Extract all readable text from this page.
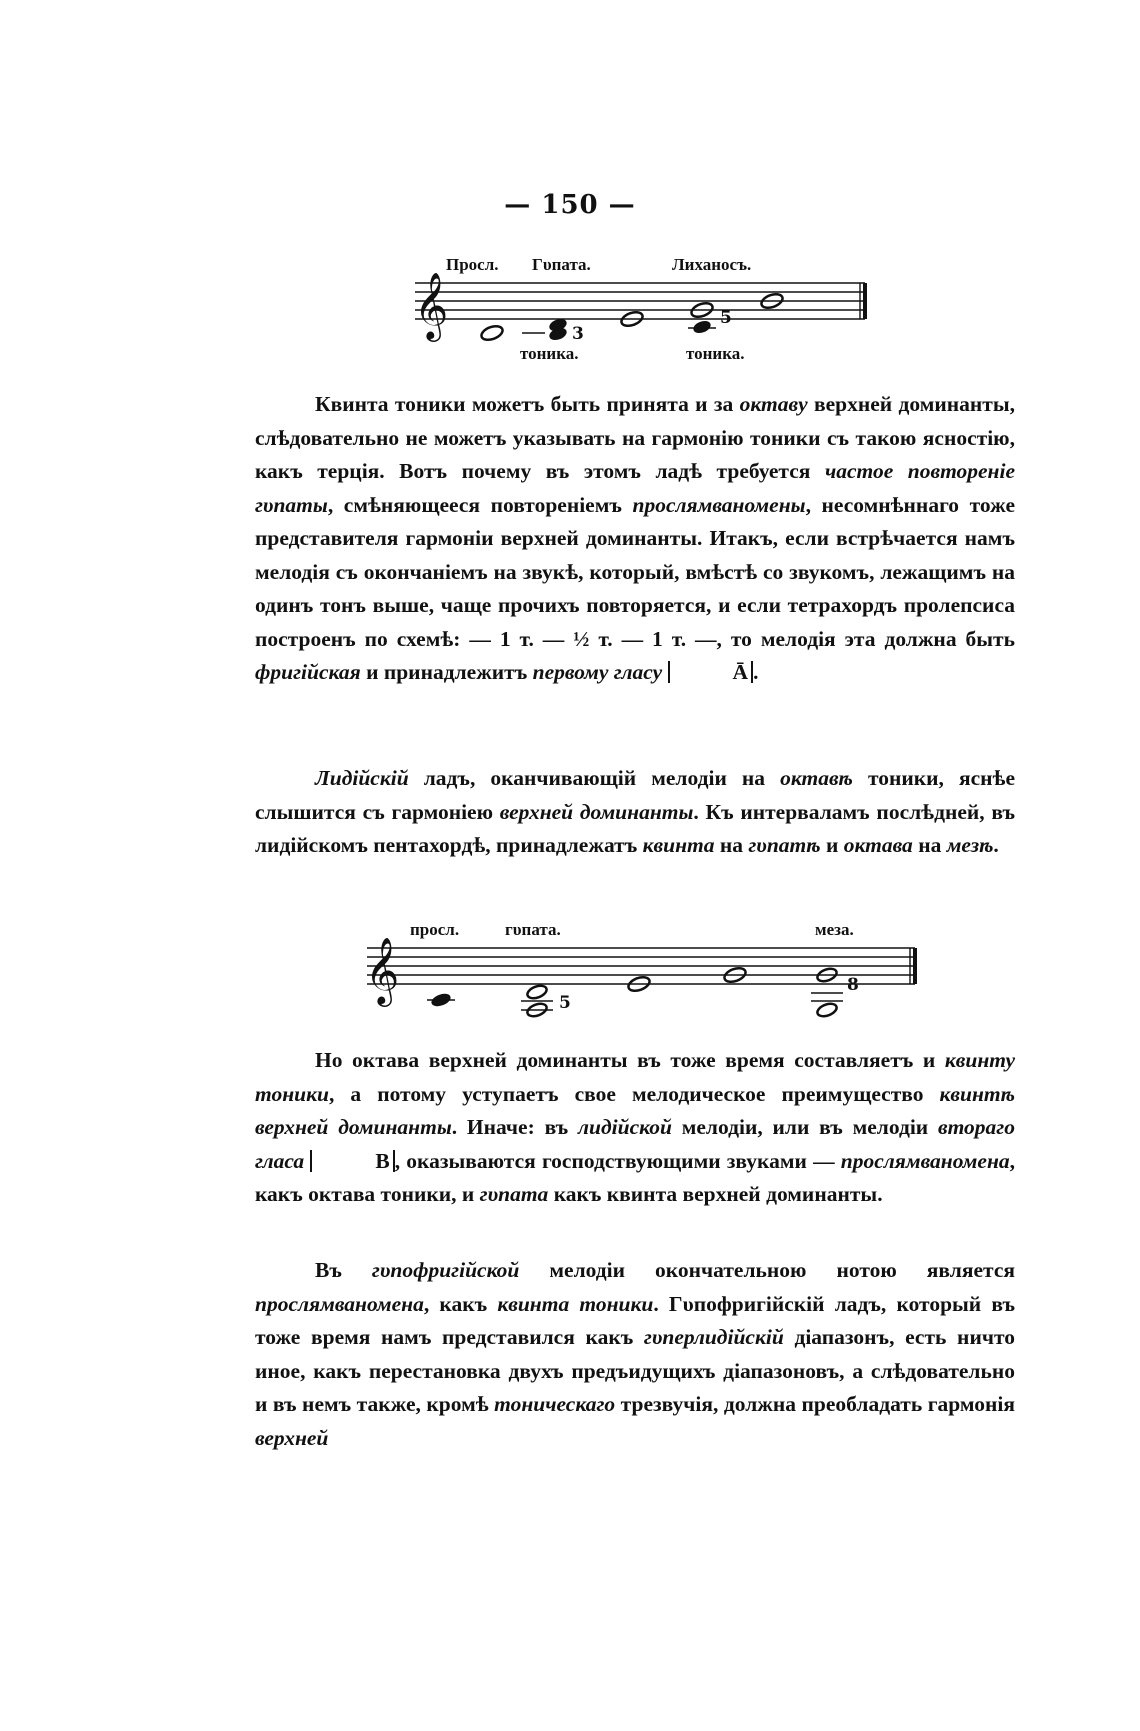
— 150 —
Просл. Гυпата.	Лиханосъ.
𝄞	3
5
тоника.	тоника.

Квинта тоники можетъ быть принята и за октаву верхней доминанты, слѣдовательно не можетъ указывать на гармонію тоники съ такою ясностію, какъ терція. Вотъ почему въ этомъ ладѣ требуется частое повтореніе гυпаты, смѣняющееся повтореніемъ прослямваномены, несомнѣннаго тоже представителя гармоніи верхней доминанты. Итакъ, если встрѣчается намъ мелодія съ окончаніемъ на звукѣ, который, вмѣстѣ со звукомъ, лежащимъ на одинъ тонъ выше, чаще прочихъ повторяется, и если тетрахордъ пролепсиса построенъ по схемѣ: — 1 т. — ½ т. — 1 т. —, то мелодія эта должна быть фригійская и принадлежитъ первому гласу	Ā .

Лидійскій ладъ, оканчивающій мелодіи на октавѣ тоники, яснѣе слышится съ гармоніею верхней доминанты. Къ интерваламъ послѣдней, въ лидійскомъ пентахордѣ, принадлежатъ квинта на гυпатѣ и октава на мезѣ.

просл.	гυпата.	меза.
𝄞	5
8

Но октава верхней доминанты въ тоже время составляетъ и квинту тоники, а потому уступаетъ свое мелодическое преимущество квинтѣ верхней доминанты. Иначе: въ лидійской мелодіи, или въ мелодіи втораго гласа	В , оказываются господствующими звуками — прослямваномена, какъ октава тоники, и гυпата какъ квинта верхней доминанты.

Въ гυпофригійской мелодіи окончательною нотою является прослямваномена, какъ квинта тоники. Гυпофригійскій ладъ, который въ тоже время намъ представился какъ гυперлидійскій діапазонъ, есть ничто иное, какъ перестановка двухъ предъидущихъ діапазоновъ, а слѣдовательно и въ немъ также, кромѣ тоническаго трезвучія, должна преобладать гармонія верхней
